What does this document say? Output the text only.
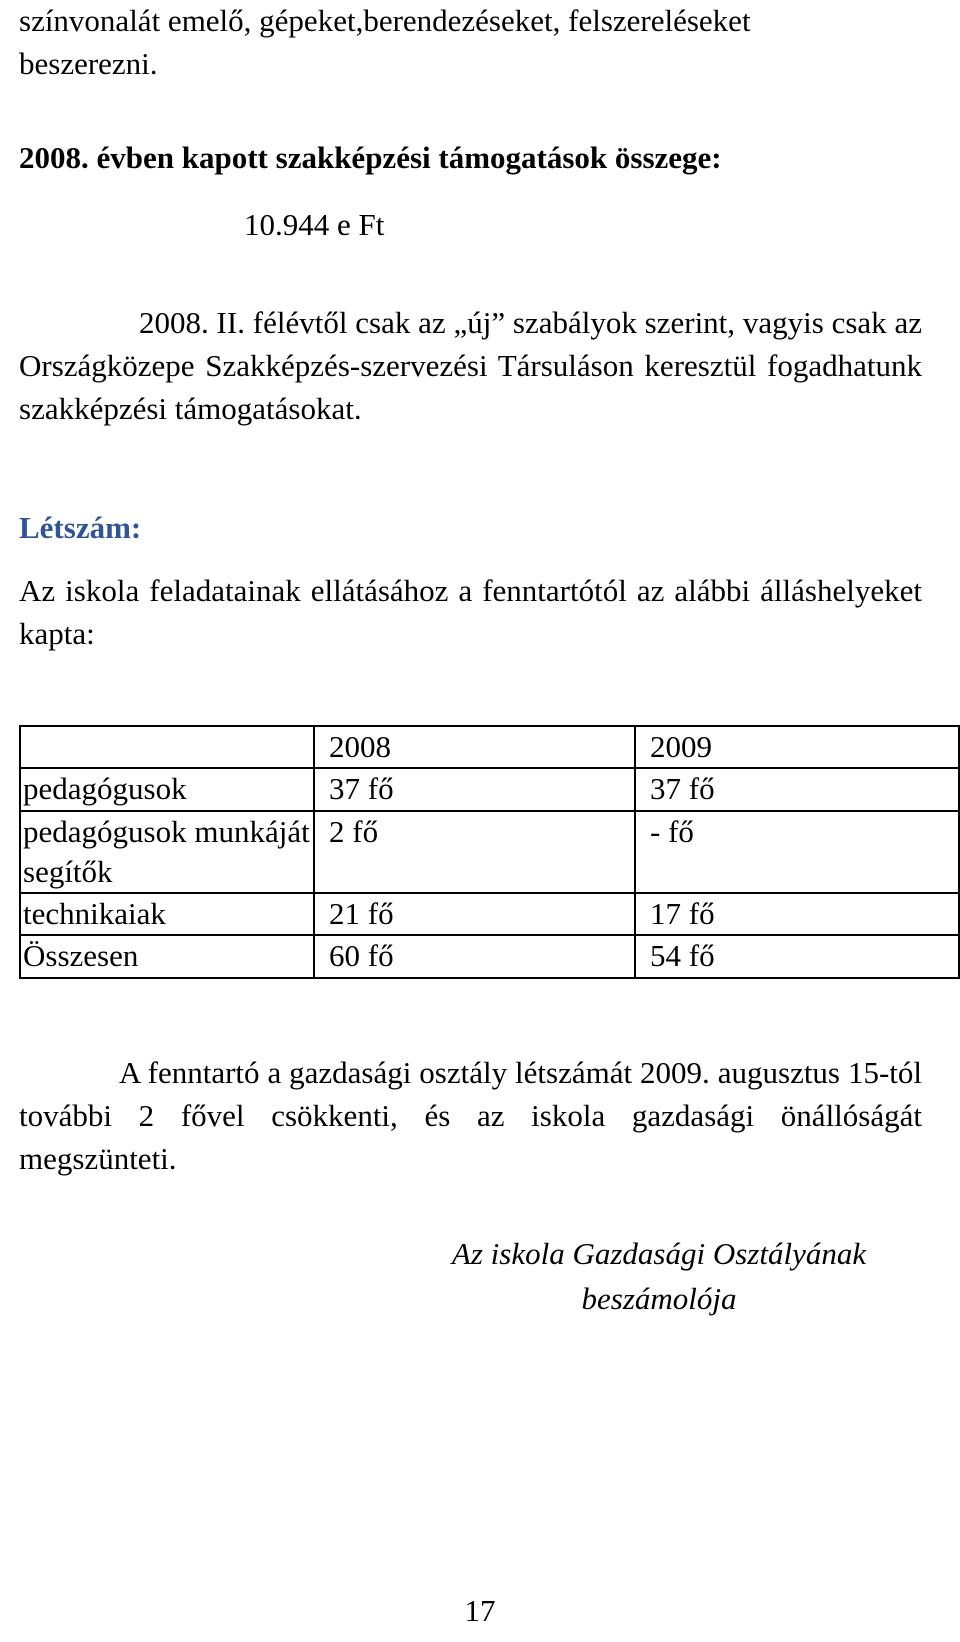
színvonalát emelő, gépeket,berendezéseket, felszereléseket

beszerezni.

2008. évben kapott szakképzési támogatások összege:

10.944 e Ft

2008. II. félévtől csak az „új” szabályok szerint, vagyis csak az Országközepe Szakképzés-szervezési Társuláson keresztül fogadhatunk szakképzési támogatásokat.

Létszám:

Az iskola feladatainak ellátásához a fenntartótól az alábbi álláshelyeket kapta:

	2008	2009
pedagógusok	37 fő	37 fő
pedagógusok munkáját segítők	2 fő	- fő
technikaiak	21 fő	17 fő
Összesen	60 fő	54 fő

A fenntartó a gazdasági osztály létszámát 2009. augusztus 15-tól további 2 fővel csökkenti, és az iskola gazdasági önállóságát megszünteti.

Az iskola Gazdasági Osztályának

beszámolója

17
